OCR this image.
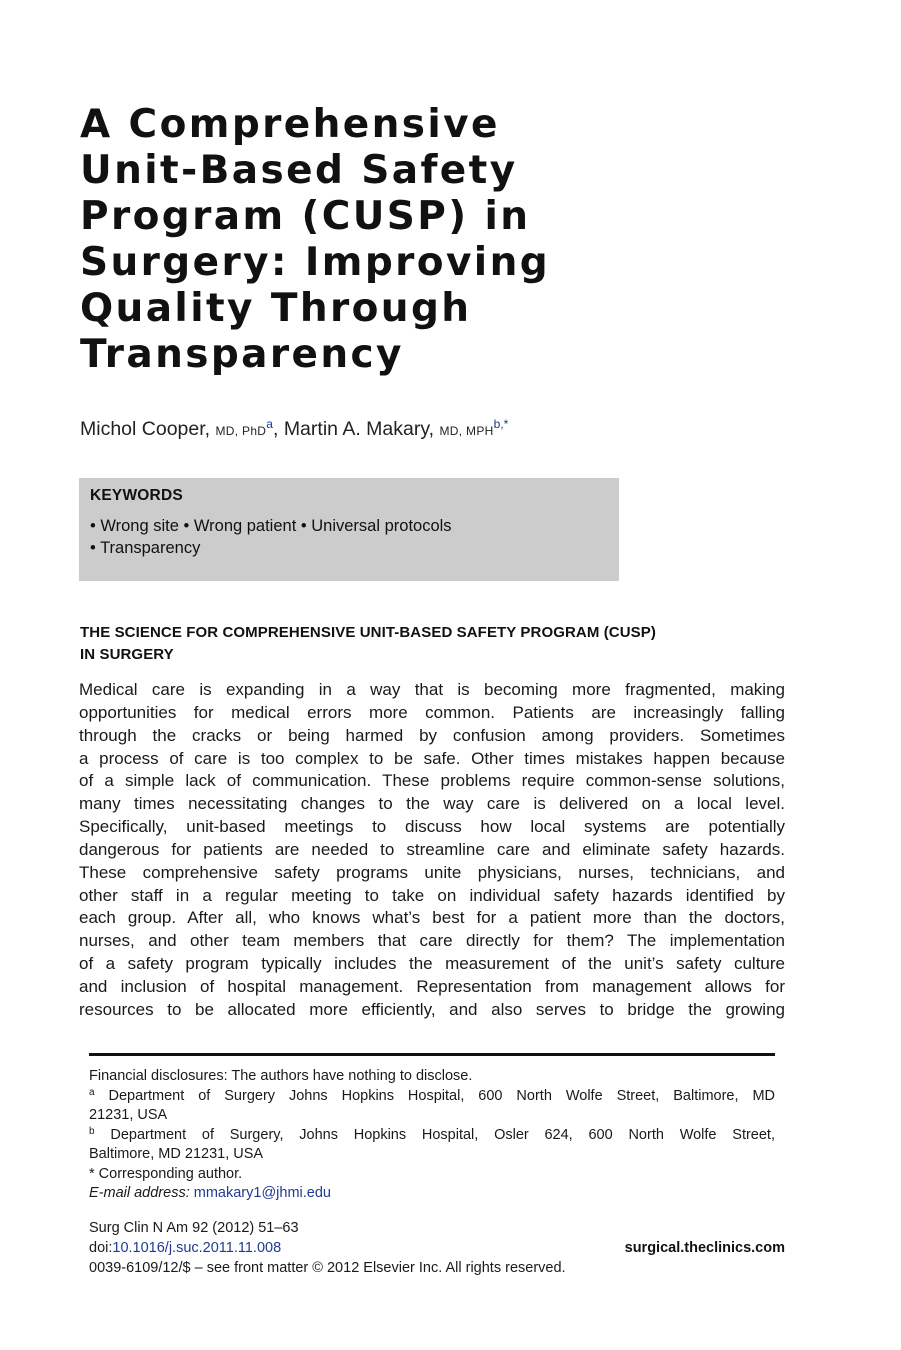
A Comprehensive
Unit-Based Safety
Program (CUSP) in
Surgery: Improving
Quality Through
Transparency
Michol Cooper, MD, PhD$^a$, Martin A. Makary, MD, $MPH^{b,*}$
KEYWORDS
• Wrong site • Wrong patient • Universal protocols
• Transparency
THE SCIENCE FOR COMPREHENSIVE UNIT-BASED SAFETY PROGRAM (CUSP)
IN SURGERY
Medical care is expanding in a way that is becoming more fragmented, making
opportunities for medical errors more common. Patients are increasingly falling
through the cracks or being harmed by confusion among providers. Sometimes
a process of care is too complex to be safe. Other times mistakes happen because
of a simple lack of communication. These problems require common-sense solutions,
many times necessitating changes to the way care is delivered on a local level.
Specifically, unit-based meetings to discuss how local systems are potentially
dangerous for patients are needed to streamline care and eliminate safety hazards.
These comprehensive safety programs unite physicians, nurses, technicians, and
other staff in a regular meeting to take on individual safety hazards identified by
each group. After all, who knows what’s best for a patient more than the doctors,
nurses, and other team members that care directly for them? The implementation
of a safety program typically includes the measurement of the unit’s safety culture
and inclusion of hospital management. Representation from management allows for
resources to be allocated more efficiently, and also serves to bridge the growing
Financial disclosures: The authors have nothing to disclose.
$^a$ Department of Surgery Johns Hopkins Hospital, 600 North Wolfe Street, Baltimore, MD
21231, USA
$^b$ Department of Surgery, Johns Hopkins Hospital, Osler 624, 600 North Wolfe Street,
Baltimore, MD 21231, USA
* Corresponding author.
E-mail address: mmakary1@jhmi.edu
Surg Clin N Am 92 (2012) 51–63
doi:10.1016/j.suc.2011.11.008	surgical.theclinics.com
0039-6109/12/$ – see front matter © 2012 Elsevier Inc. All rights reserved.
